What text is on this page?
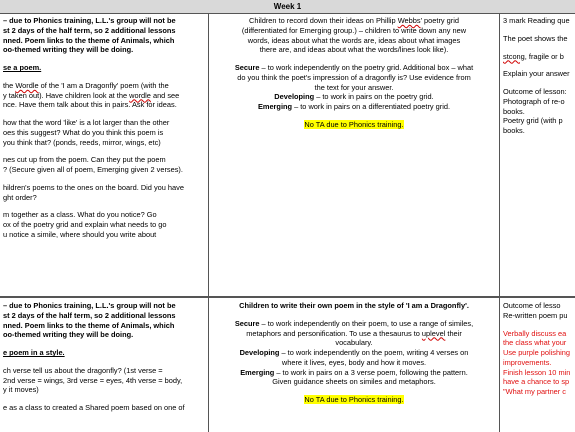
Week 1

– due to Phonics training, L.L.'s group will not be

st 2 days of the half term, so 2 additional lessons

nned. Poem links to the theme of Animals, which

oo-themed writing they will be doing.

se a poem.

the Wordle of the 'I am a Dragonfly' poem (with the

y taken out). Have children look at the wordle and see

nce. Have them talk about this in pairs. Ask for ideas.

how that the word 'like' is a lot larger than the other

oes this suggest? What do you think this poem is

you think that? (ponds, reeds, mirror, wings, etc)

nes cut up from the poem. Can they put the poem

? (Secure given all of poem, Emerging given 2 verses).

hildren's poems to the ones on the board. Did you have

ght order?

m together as a class. What do you notice? Go

ox of the poetry grid and explain what needs to go

u notice a simile, where should you write about

Children to record down their ideas on Phillip Webbs' poetry grid

(differentiated for Emerging group.) – children to write down any new

words, ideas about what the words are, ideas about what images

there are, and ideas about what the words/lines look like).

Secure – to work independently on the poetry grid. Additional box – what

do you think the poet's impression of a dragonfly is? Use evidence from

the text for your answer.

Developing – to work in pairs on the poetry grid.

Emerging – to work in pairs on a differentiated poetry grid.

No TA due to Phonics training.

3 mark Reading que

The poet shows the

stcong, fragile or b

Explain your answer

Outcome of lesson:

Photograph of re-o

books.

Poetry grid (with p

books.

– due to Phonics training, L.L.'s group will not be

st 2 days of the half term, so 2 additional lessons

nned. Poem links to the theme of Animals, which

oo-themed writing they will be doing.

e poem in a style.

ch verse tell us about the dragonfly? (1st verse =

2nd verse = wings, 3rd verse = eyes, 4th verse = body,

y it moves)

e as a class to created a Shared poem based on one of

Children to write their own poem in the style of 'I am a Dragonfly'.

Secure – to work independently on their poem, to use a range of similes,

metaphors and personification. To use a thesaurus to uplevel their

vocabulary.

Developing – to work independently on the poem, writing 4 verses on

where it lives, eyes, body and how it moves.

Emerging – to work in pairs on a 3 verse poem, following the pattern.

Given guidance sheets on similes and metaphors.

No TA due to Phonics training.

Outcome of lesso

Re-written poem pu

Verbally discuss ea

the class what your

Use purple polishing

improvements.

Finish lesson 10 min

have a chance to sp

"What my partner c
